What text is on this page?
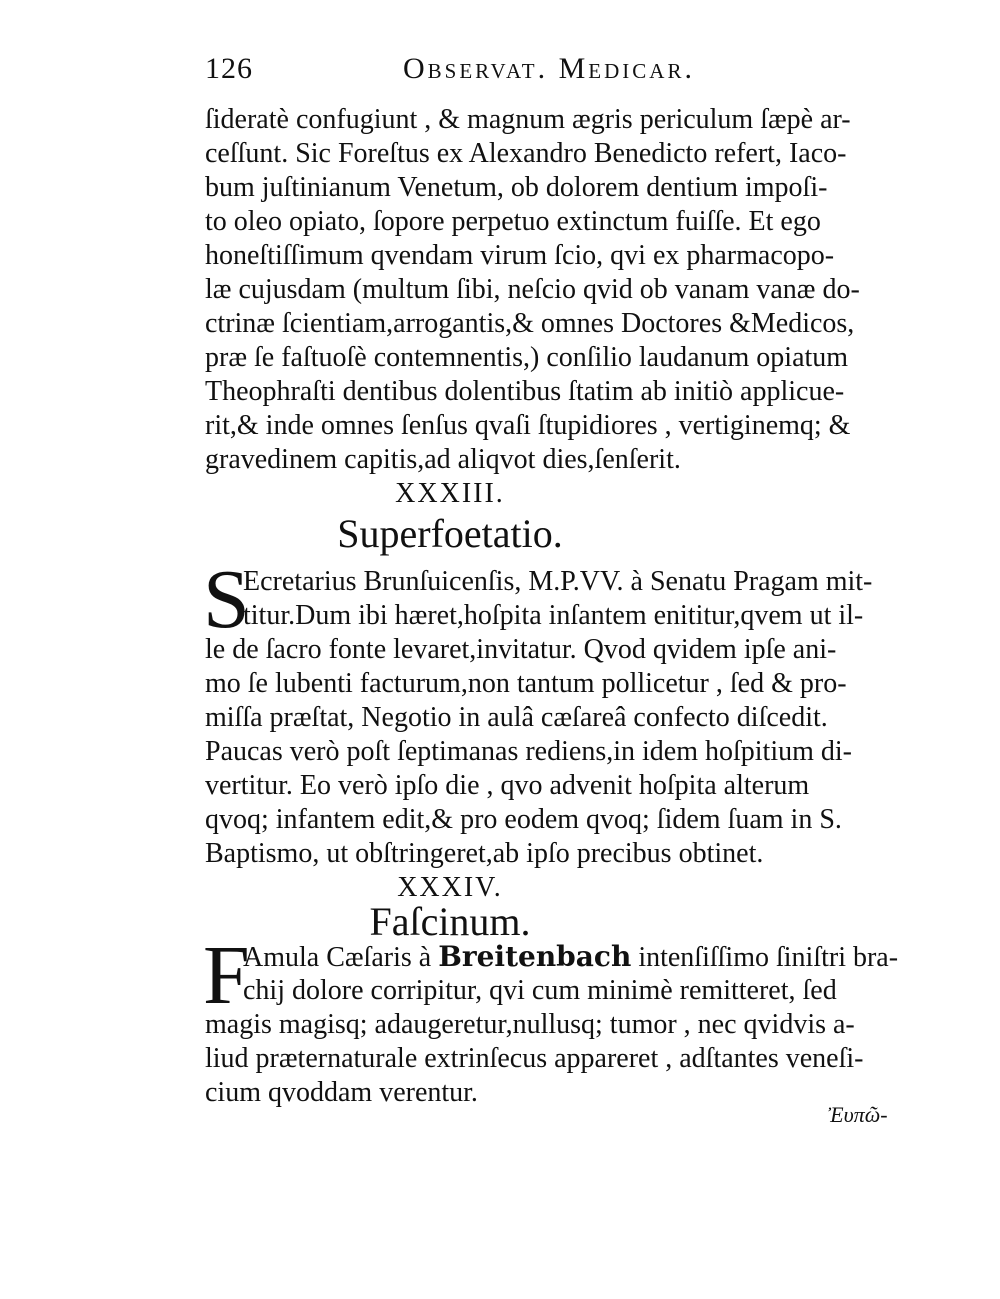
126	Observat. Medicar.
ſideratè confugiunt , & magnum ægris periculum ſæpè ar-
ceſſunt. Sic Foreſtus ex Alexandro Benedicto refert, Iaco-
bum juſtinianum Venetum, ob dolorem dentium impoſi-
to oleo opiato, ſopore perpetuo extinctum fuiſſe. Et ego
honeſtiſſimum qvendam virum ſcio, qvi ex pharmacopo-
læ cujusdam (multum ſibi, neſcio qvid ob vanam vanæ do-
ctrinæ ſcientiam,arrogantis,& omnes Doctores &Medicos,
præ ſe faſtuoſè contemnentis,) conſilio laudanum opiatum
Theophraſti dentibus dolentibus ſtatim ab initiò applicue-
rit,& inde omnes ſenſus qvaſi ſtupidiores , vertiginemq; &
gravedinem capitis,ad aliqvot dies,ſenſerit.
XXXIII.
Superfoetatio.
S
Ecretarius Brunſuicenſis, M.P.VV. à Senatu Pragam mit-
titur.Dum ibi hæret,hoſpita inſantem enititur,qvem ut il-
le de ſacro fonte levaret,invitatur. Qvod qvidem ipſe ani-
mo ſe lubenti facturum,non tantum pollicetur , ſed & pro-
miſſa præſtat, Negotio in aulâ cæſareâ confecto diſcedit.
Paucas verò poſt ſeptimanas rediens,in idem hoſpitium di-
vertitur. Eo verò ipſo die , qvo advenit hoſpita alterum
qvoq; infantem edit,& pro eodem qvoq; ſidem ſuam in S.
Baptismo, ut obſtringeret,ab ipſo precibus obtinet.
XXXIV.
Faſcinum.
F
Amula Cæſaris à Breitenbach intenſiſſimo ſiniſtri bra-
chij dolore corripitur, qvi cum minimè remitteret, ſed
magis magisq; adaugeretur,nullusq; tumor , nec qvidvis a-
liud præternaturale extrinſecus appareret , adſtantes veneſi-
cium qvoddam verentur.
Ἐυπῶ-
